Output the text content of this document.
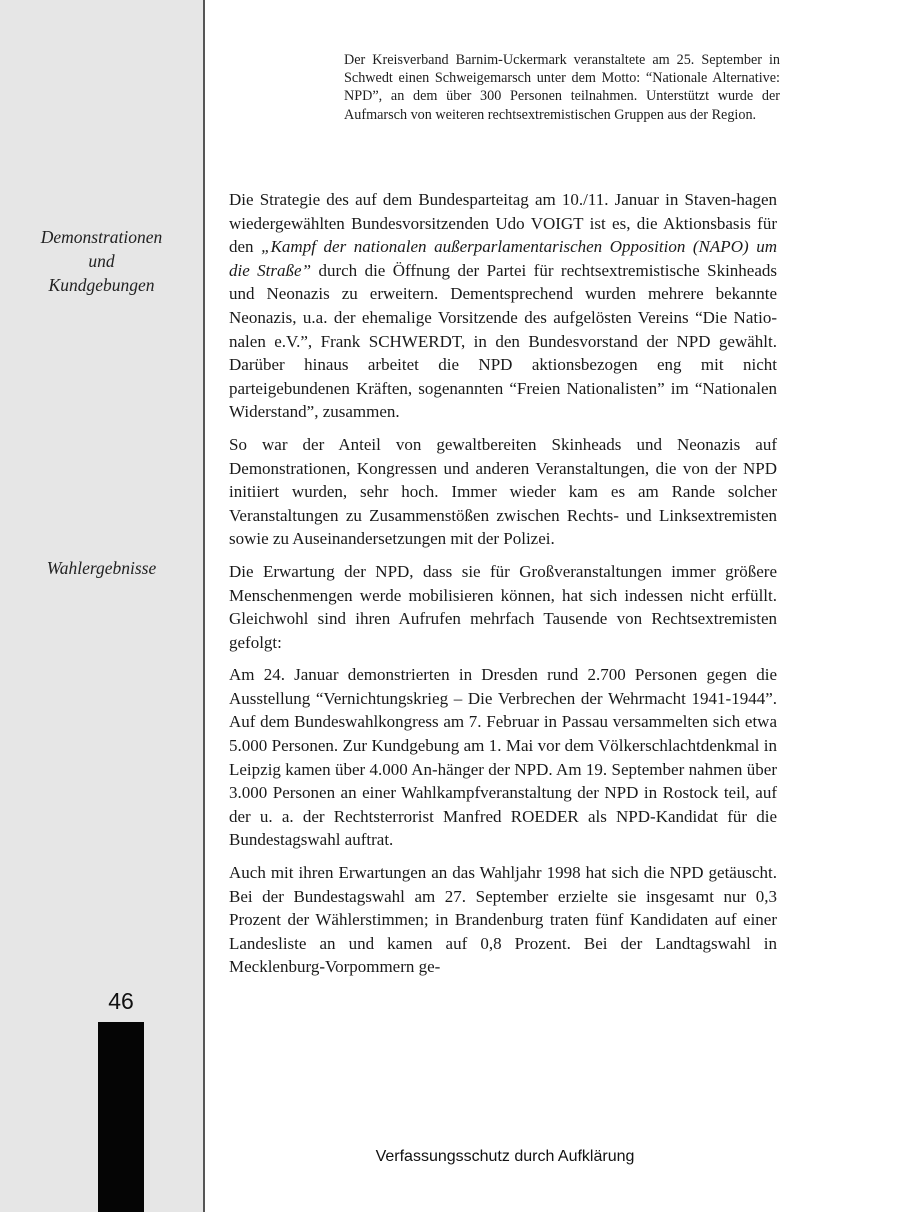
Demonstrationen
und
Kundgebungen
Wahlergebnisse
46

Der Kreisverband Barnim-Uckermark veranstaltete am 25. September in Schwedt einen Schweigemarsch unter dem Motto: “Nationale Alternative: NPD”, an dem über 300 Personen teilnahmen. Unterstützt wurde der Aufmarsch von weiteren rechtsextremistischen Gruppen aus der Region.

Die Strategie des auf dem Bundesparteitag am 10./11. Januar in Staven-hagen wiedergewählten Bundesvorsitzenden Udo VOIGT ist es, die Aktionsbasis für den „Kampf der nationalen außerparlamentarischen Opposition (NAPO) um die Straße” durch die Öffnung der Partei für rechtsextremistische Skinheads und Neonazis zu erweitern. Dementsprechend wurden mehrere bekannte Neonazis, u.a. der ehemalige Vorsitzende des aufgelösten Vereins “Die Nationalen e.V.”, Frank SCHWERDT, in den Bundesvorstand der NPD gewählt. Darüber hinaus arbeitet die NPD aktionsbezogen eng mit nicht parteigebundenen Kräften, sogenannten “Freien Nationalisten” im “Nationalen Widerstand”, zusammen.

So war der Anteil von gewaltbereiten Skinheads und Neonazis auf Demonstrationen, Kongressen und anderen Veranstaltungen, die von der NPD initiiert wurden, sehr hoch. Immer wieder kam es am Rande solcher Veranstaltungen zu Zusammenstößen zwischen Rechts- und Linksextremisten sowie zu Auseinandersetzungen mit der Polizei.

Die Erwartung der NPD, dass sie für Großveranstaltungen immer größere Menschenmengen werde mobilisieren können, hat sich indessen nicht erfüllt. Gleichwohl sind ihren Aufrufen mehrfach Tausende von Rechtsextremisten gefolgt:

Am 24. Januar demonstrierten in Dresden rund 2.700 Personen gegen die Ausstellung “Vernichtungskrieg – Die Verbrechen der Wehrmacht 1941-1944”. Auf dem Bundeswahlkongress am 7. Februar in Passau versammelten sich etwa 5.000 Personen. Zur Kundgebung am 1. Mai vor dem Völkerschlachtdenkmal in Leipzig kamen über 4.000 An-hänger der NPD. Am 19. September nahmen über 3.000 Personen an einer Wahlkampfveranstaltung der NPD in Rostock teil, auf der u. a. der Rechtsterrorist Manfred ROEDER als NPD-Kandidat für die Bundestagswahl auftrat.

Auch mit ihren Erwartungen an das Wahljahr 1998 hat sich die NPD getäuscht. Bei der Bundestagswahl am 27. September erzielte sie insgesamt nur 0,3 Prozent der Wählerstimmen; in Brandenburg traten fünf Kandidaten auf einer Landesliste an und kamen auf 0,8 Prozent. Bei der Landtagswahl in Mecklenburg-Vorpommern ge-

Verfassungsschutz durch Aufklärung
